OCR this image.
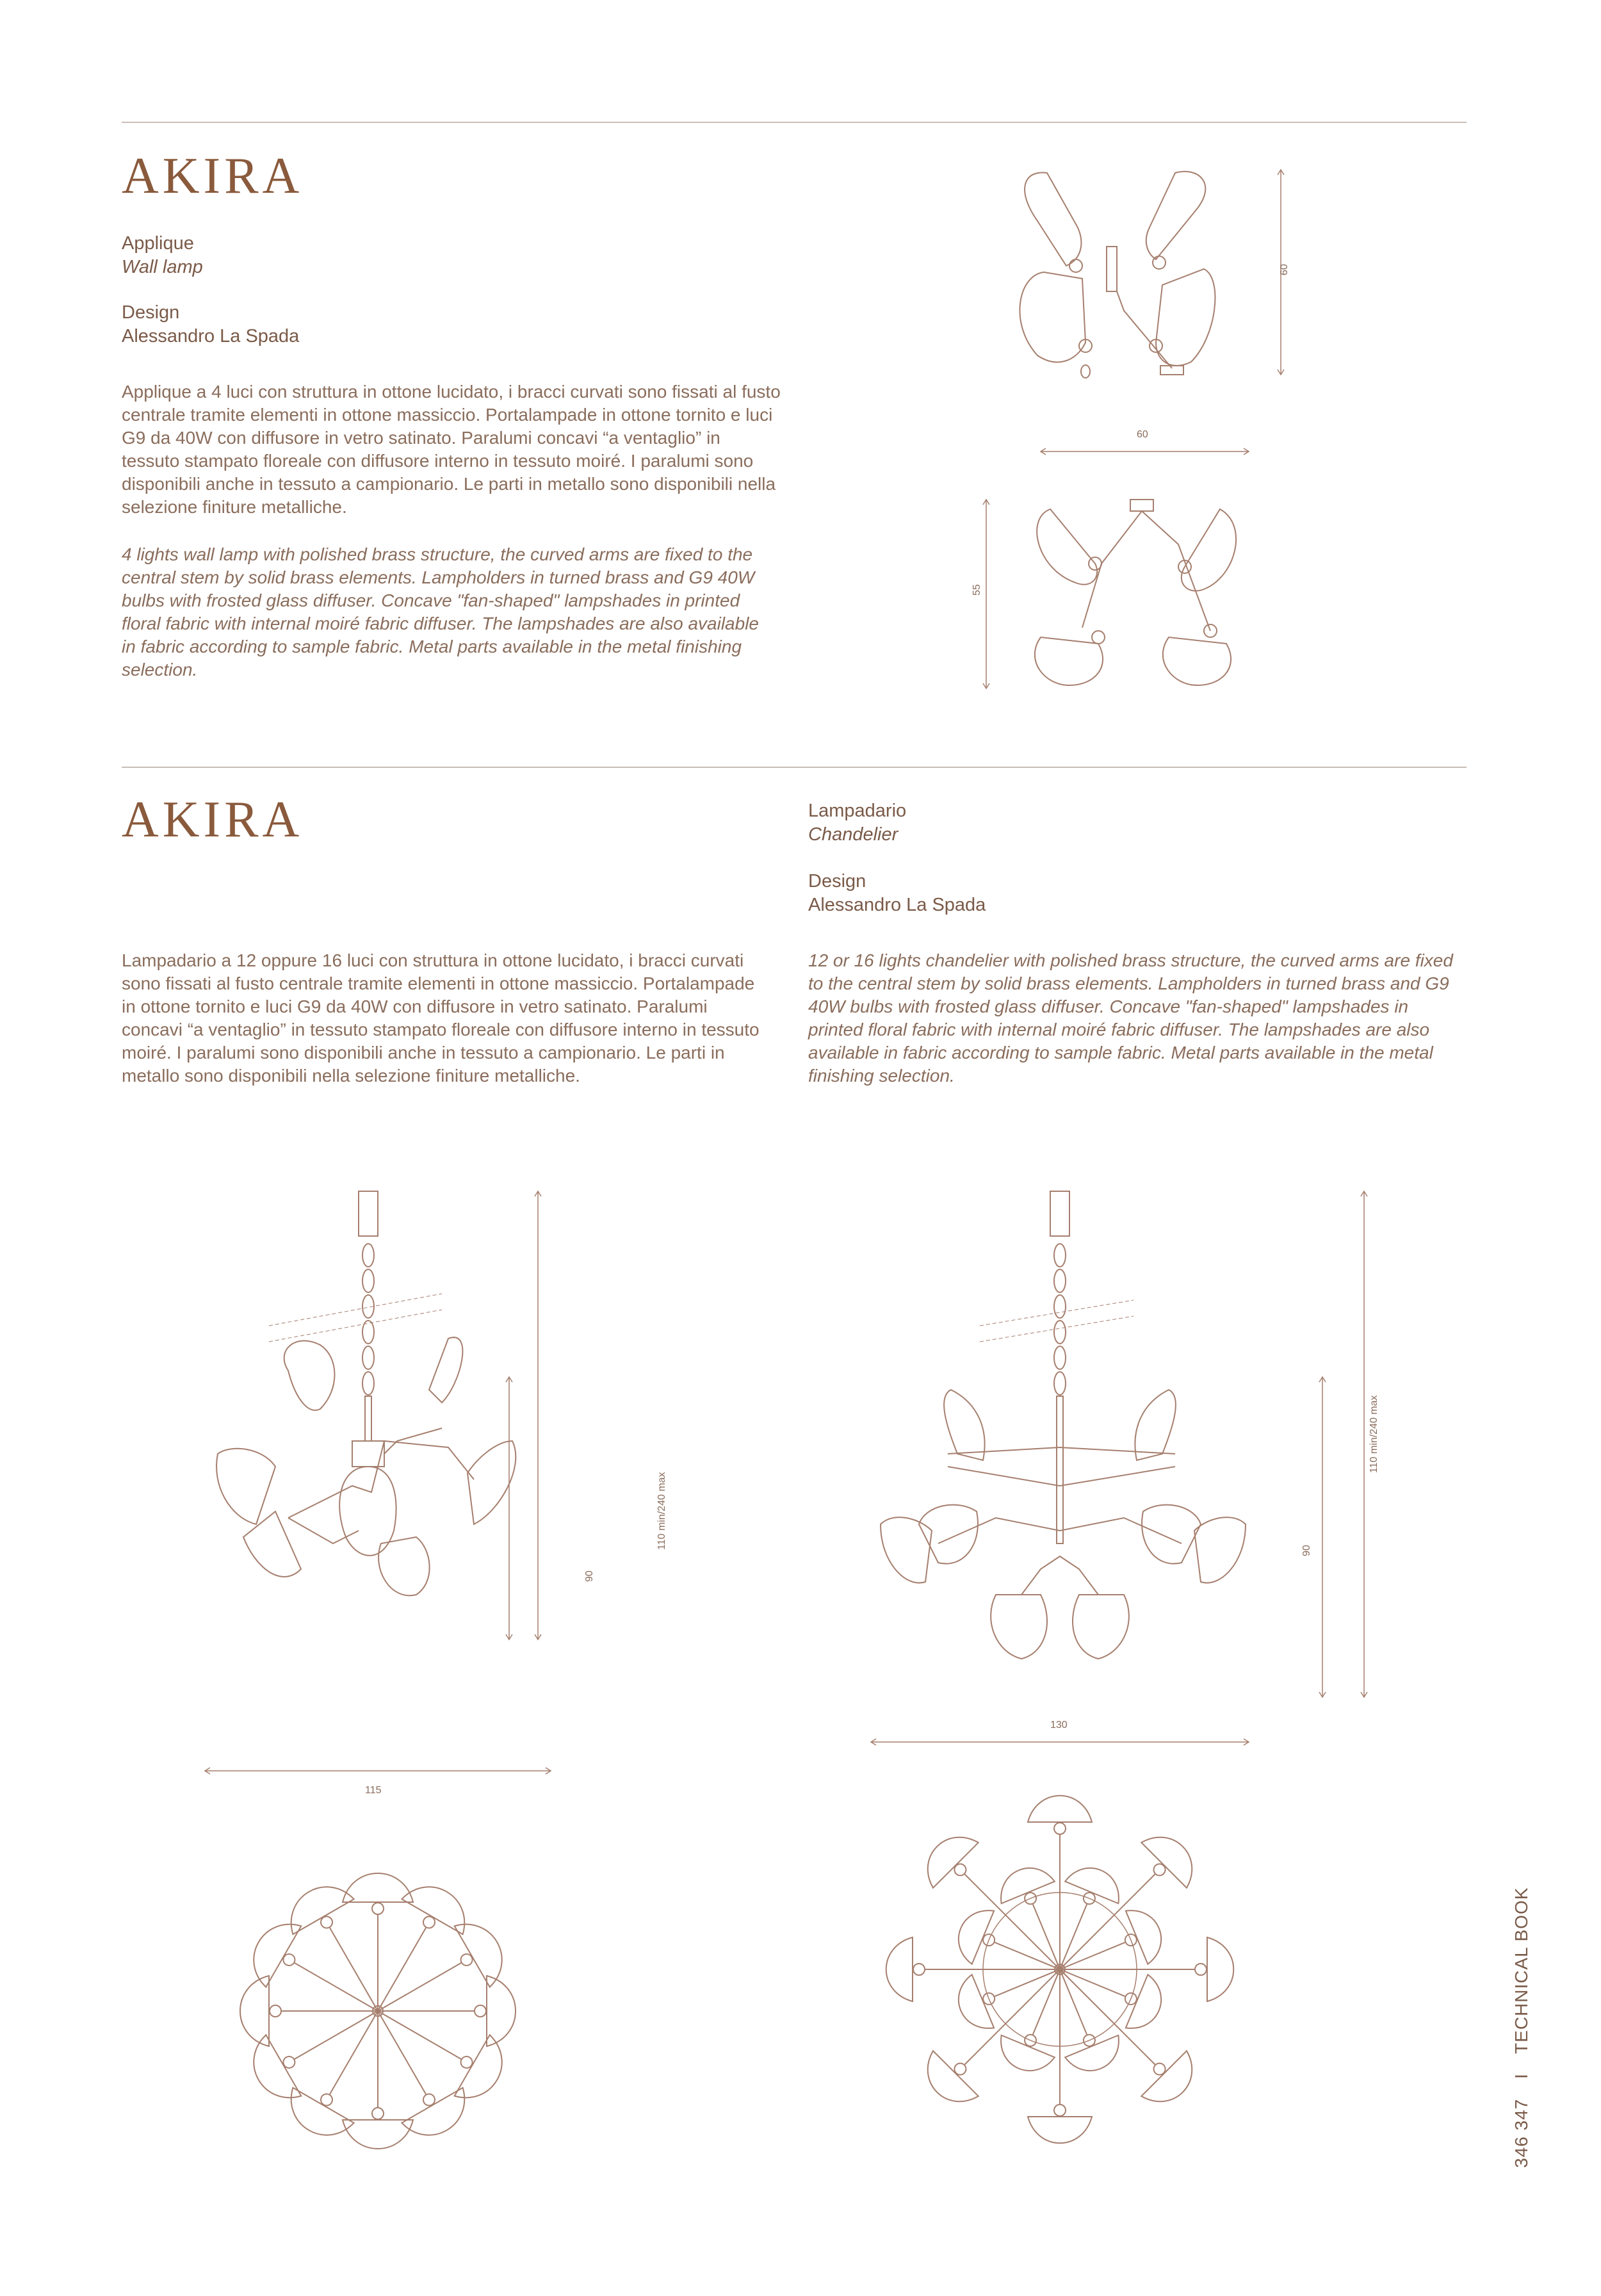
AKIRA
Applique
Wall lamp
Design
Alessandro La Spada

Applique a 4 luci con struttura in ottone lucidato, i bracci curvati sono fissati al fusto centrale tramite elementi in ottone massiccio. Portalampade in ottone tornito e luci G9 da 40W con diffusore in vetro satinato. Paralumi concavi “a ventaglio” in tessuto stampato floreale con diffusore interno in tessuto moiré. I paralumi sono disponibili anche in tessuto a campionario. Le parti in metallo sono disponibili nella selezione finiture metalliche.

4 lights wall lamp with polished brass structure, the curved arms are fixed to the central stem by solid brass elements. Lampholders in turned brass and G9 40W bulbs with frosted glass diffuser. Concave "fan-shaped" lampshades in printed floral fabric with internal moiré fabric diffuser. The lampshades are also available in fabric according to sample fabric. Metal parts available in the metal finishing selection.

60
60
55
AKIRA	Lampadario
Chandelier
Design
Alessandro La Spada

Lampadario a 12 oppure 16 luci con struttura in ottone lucidato, i bracci curvati sono fissati al fusto centrale tramite elementi in ottone massiccio. Portalampade in ottone tornito e luci G9 da 40W con diffusore in vetro satinato. Paralumi concavi “a ventaglio” in tessuto stampato floreale con diffusore interno in tessuto moiré. I paralumi sono disponibili anche in tessuto a campionario. Le parti in metallo sono disponibili nella selezione finiture metalliche.

12 or 16 lights chandelier with polished brass structure, the curved arms are fixed to the central stem by solid brass elements. Lampholders in turned brass and G9 40W bulbs with frosted glass diffuser. Concave "fan-shaped" lampshades in printed floral fabric with internal moiré fabric diffuser. The lampshades are also available in fabric according to sample fabric. Metal parts available in the metal finishing selection.

110 min/240 max
90
115
110 min/240 max
90
130
346 347 I TECHNICAL BOOK
